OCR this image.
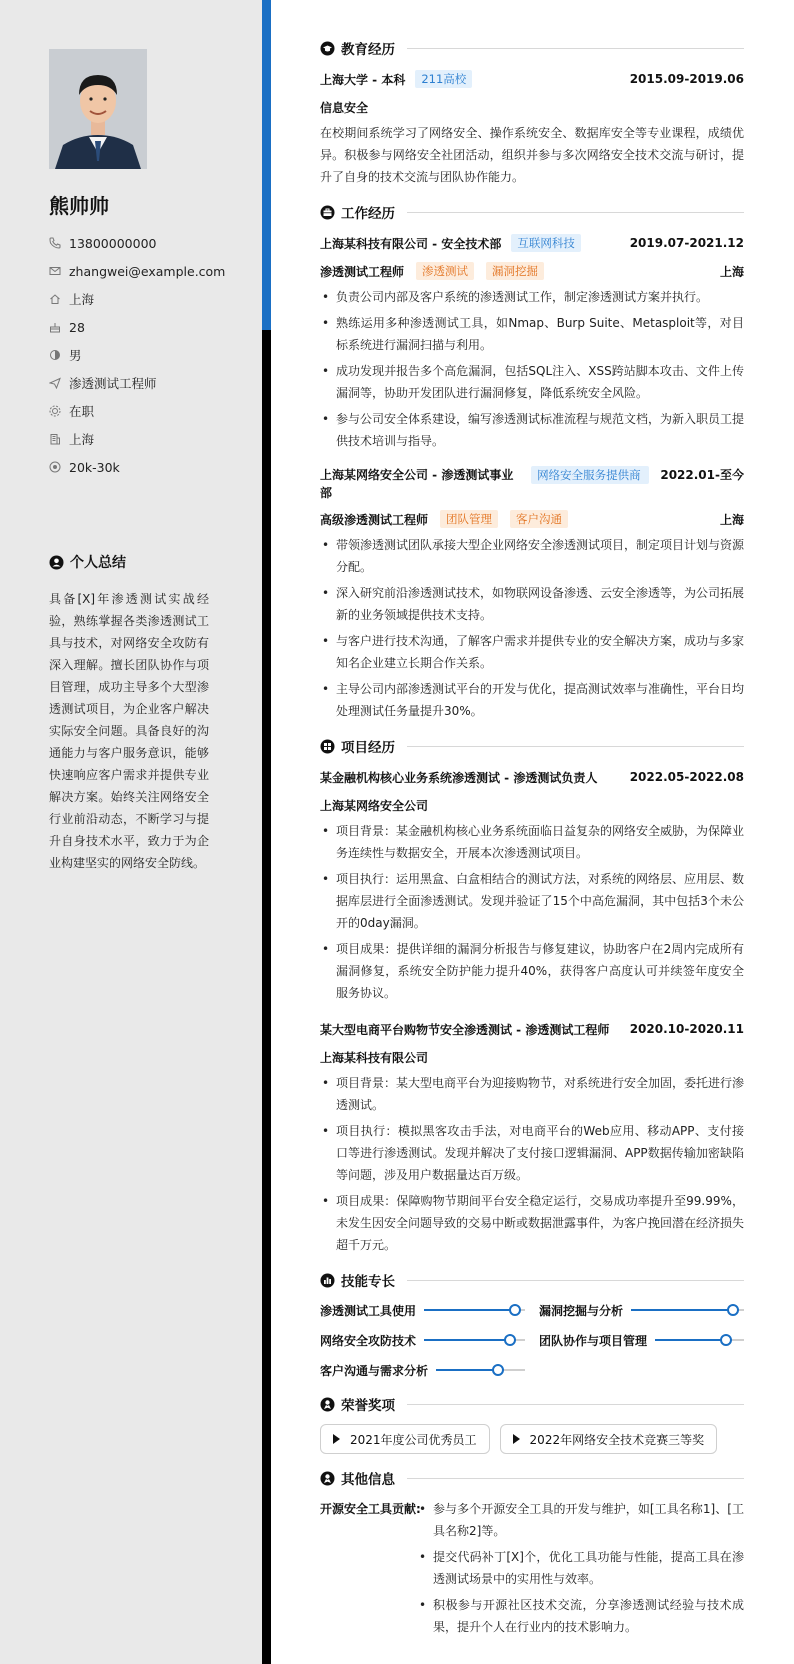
熊帅帅
13800000000
zhangwei@example.com
上海
28
男
渗透测试工程师
在职
上海
20k-30k
个人总结
具备[X]年渗透测试实战经验，熟练掌握各类渗透测试工具与技术，对网络安全攻防有深入理解。擅长团队协作与项目管理，成功主导多个大型渗透测试项目，为企业客户解决实际安全问题。具备良好的沟通能力与客户服务意识，能够快速响应客户需求并提供专业解决方案。始终关注网络安全行业前沿动态，不断学习与提升自身技术水平，致力于为企业构建坚实的网络安全防线。
教育经历
上海大学 - 本科	211高校	2015.09-2019.06
信息安全
在校期间系统学习了网络安全、操作系统安全、数据库安全等专业课程，成绩优异。积极参与网络安全社团活动，组织并参与多次网络安全技术交流与研讨，提升了自身的技术交流与团队协作能力。
工作经历
上海某科技有限公司 - 安全技术部	互联网科技	2019.07-2021.12
渗透测试工程师	渗透测试	漏洞挖掘	上海
• 负责公司内部及客户系统的渗透测试工作，制定渗透测试方案并执行。
• 熟练运用多种渗透测试工具，如Nmap、Burp Suite、Metasploit等，对目标系统进行漏洞扫描与利用。
• 成功发现并报告多个高危漏洞，包括SQL注入、XSS跨站脚本攻击、文件上传漏洞等，协助开发团队进行漏洞修复，降低系统安全风险。
• 参与公司安全体系建设，编写渗透测试标准流程与规范文档，为新入职员工提供技术培训与指导。
上海某网络安全公司 - 渗透测试事业部
网络安全服务提供商	2022.01-至今
高级渗透测试工程师	团队管理	客户沟通	上海
• 带领渗透测试团队承接大型企业网络安全渗透测试项目，制定项目计划与资源分配。
• 深入研究前沿渗透测试技术，如物联网设备渗透、云安全渗透等，为公司拓展新的业务领域提供技术支持。
• 与客户进行技术沟通，了解客户需求并提供专业的安全解决方案，成功与多家知名企业建立长期合作关系。
• 主导公司内部渗透测试平台的开发与优化，提高测试效率与准确性，平台日均处理测试任务量提升30%。
项目经历
某金融机构核心业务系统渗透测试 - 渗透测试负责人	2022.05-2022.08
上海某网络安全公司
• 项目背景：某金融机构核心业务系统面临日益复杂的网络安全威胁，为保障业务连续性与数据安全，开展本次渗透测试项目。
• 项目执行：运用黑盒、白盒相结合的测试方法，对系统的网络层、应用层、数据库层进行全面渗透测试。发现并验证了15个中高危漏洞，其中包括3个未公开的0day漏洞。
• 项目成果：提供详细的漏洞分析报告与修复建议，协助客户在2周内完成所有漏洞修复，系统安全防护能力提升40%，获得客户高度认可并续签年度安全服务协议。
某大型电商平台购物节安全渗透测试 - 渗透测试工程师 2020.10-2020.11
上海某科技有限公司
• 项目背景：某大型电商平台为迎接购物节，对系统进行安全加固，委托进行渗透测试。
• 项目执行：模拟黑客攻击手法，对电商平台的Web应用、移动APP、支付接口等进行渗透测试。发现并解决了支付接口逻辑漏洞、APP数据传输加密缺陷等问题，涉及用户数据量达百万级。
• 项目成果：保障购物节期间平台安全稳定运行，交易成功率提升至99.99%，未发生因安全问题导致的交易中断或数据泄露事件，为客户挽回潜在经济损失超千万元。
技能专长
渗透测试工具使用	漏洞挖掘与分析
网络安全攻防技术	团队协作与项目管理
客户沟通与需求分析
荣誉奖项
2021年度公司优秀员工	2022年网络安全技术竞赛三等奖
其他信息
开源安全工具贡献:
•	参与多个开源安全工具的开发与维护，如[工具名称1]、[工具名称2]等。
• 提交代码补丁[X]个，优化工具功能与性能，提高工具在渗透测试场景中的实用性与效率。
• 积极参与开源社区技术交流，分享渗透测试经验与技术成果，提升个人在行业内的技术影响力。
